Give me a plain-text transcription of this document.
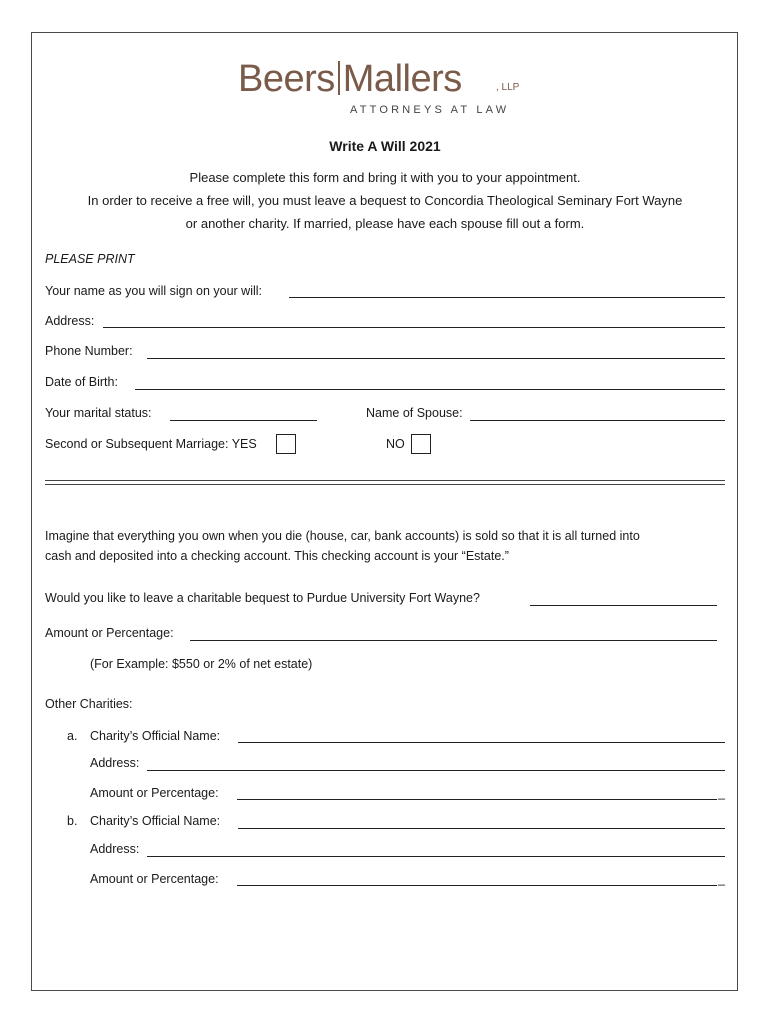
Beers Mallers	, LLP
ATTORNEYS AT LAW
Write A Will 2021
Please complete this form and bring it with you to your appointment.
In order to receive a free will, you must leave a bequest to Concordia Theological Seminary Fort Wayne
or another charity. If married, please have each spouse fill out a form.
PLEASE PRINT
Your name as you will sign on your will:
Address:
Phone Number:
Date of Birth:
Your marital status:	Name of Spouse:
Second or Subsequent Marriage: YES	NO
Imagine that everything you own when you die (house, car, bank accounts) is sold so that it is all turned into
cash and deposited into a checking account. This checking account is your “Estate.”
Would you like to leave a charitable bequest to Purdue University Fort Wayne?
Amount or Percentage:
(For Example: $550 or 2% of net estate)
Other Charities:
a. Charity’s Official Name:
Address:
Amount or Percentage:	_
b. Charity’s Official Name:
Address:
Amount or Percentage:	_
